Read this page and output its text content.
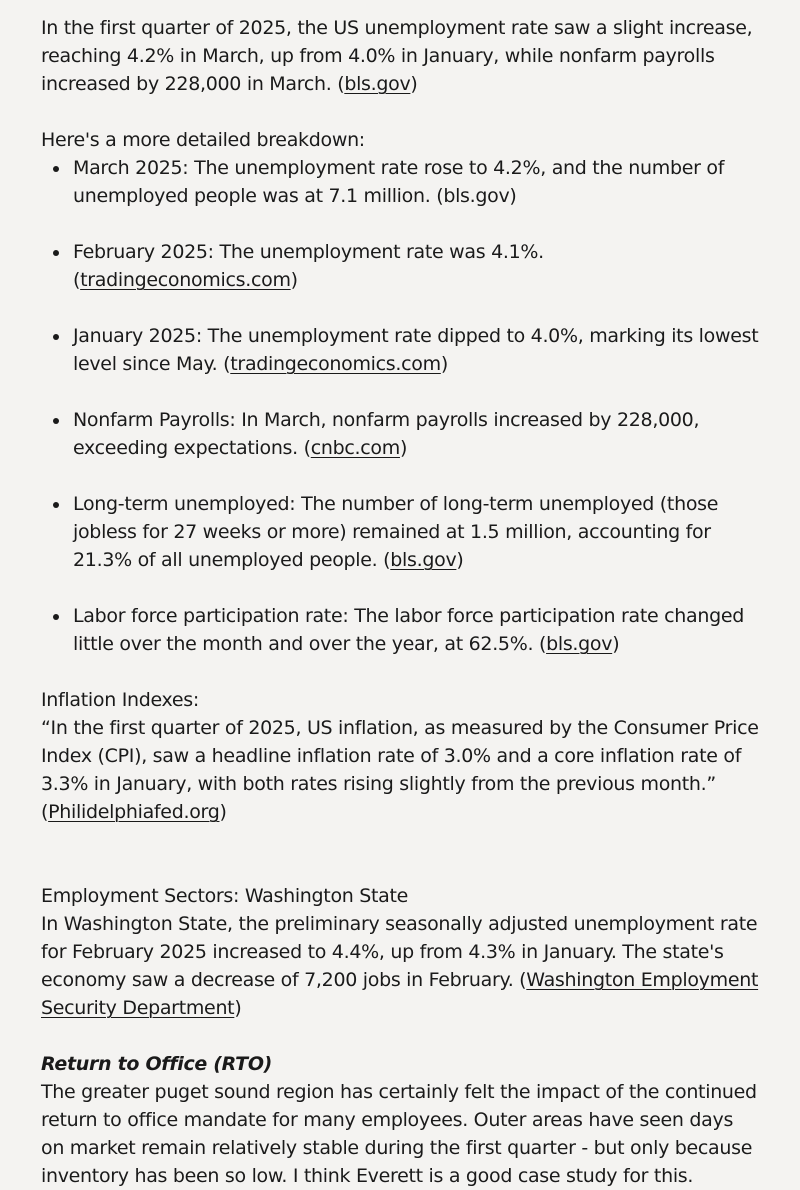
In the first quarter of 2025, the US unemployment rate saw a slight increase, reaching 4.2% in March, up from 4.0% in January, while nonfarm payrolls increased by 228,000 in March. (bls.gov)

Here's a more detailed breakdown:

March 2025: The unemployment rate rose to 4.2%, and the number of unemployed people was at 7.1 million. (bls.gov)
February 2025: The unemployment rate was 4.1%. (tradingeconomics.com)
January 2025: The unemployment rate dipped to 4.0%, marking its lowest level since May. (tradingeconomics.com)
Nonfarm Payrolls: In March, nonfarm payrolls increased by 228,000, exceeding expectations. (cnbc.com)
Long-term unemployed: The number of long-term unemployed (those jobless for 27 weeks or more) remained at 1.5 million, accounting for 21.3% of all unemployed people. (bls.gov)
Labor force participation rate: The labor force participation rate changed little over the month and over the year, at 62.5%. (bls.gov)

Inflation Indexes:

“In the first quarter of 2025, US inflation, as measured by the Consumer Price Index (CPI), saw a headline inflation rate of 3.0% and a core inflation rate of 3.3% in January, with both rates rising slightly from the previous month.” (Philidelphiafed.org)

Employment Sectors: Washington State

In Washington State, the preliminary seasonally adjusted unemployment rate for February 2025 increased to 4.4%, up from 4.3% in January. The state's economy saw a decrease of 7,200 jobs in February. (Washington Employment Security Department)

Return to Office (RTO)

The greater puget sound region has certainly felt the impact of the continued return to office mandate for many employees. Outer areas have seen days on market remain relatively stable during the first quarter - but only because inventory has been so low. I think Everett is a good case study for this.
